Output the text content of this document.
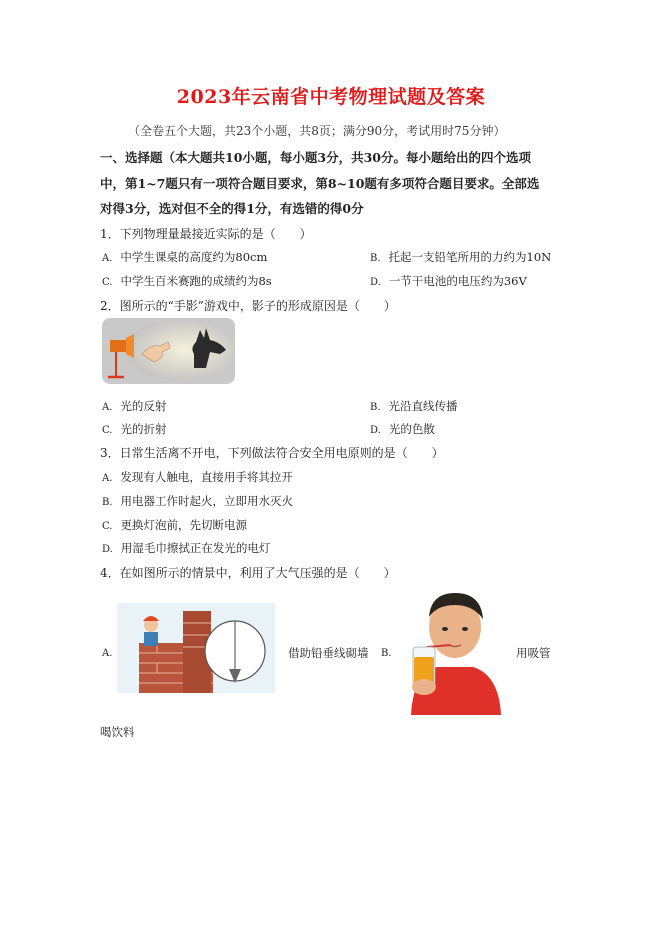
2023年云南省中考物理试题及答案
（全卷五个大题，共23个小题，共8页；满分90分，考试用时75分钟）
一、选择题（本大题共10小题，每小题3分，共30分。每小题给出的四个选项
中，第1~7题只有一项符合题目要求，第8~10题有多项符合题目要求。全部选
对得3分，选对但不全的得1分，有选错的得0分
1．下列物理量最接近实际的是（　　）
A. 中学生课桌的高度约为80cm	B. 托起一支铅笔所用的力约为10N
C. 中学生百米赛跑的成绩约为8s	D. 一节干电池的电压约为36V
2．图所示的“手影”游戏中，影子的形成原因是（　　）
A. 光的反射	B. 光沿直线传播
C. 光的折射	D. 光的色散
3．日常生活离不开电，下列做法符合安全用电原则的是（　　）
A. 发现有人触电，直接用手将其拉开
B. 用电器工作时起火，立即用水灭火
C. 更换灯泡前，先切断电源
D. 用湿毛巾擦拭正在发光的电灯
4．在如图所示的情景中，利用了大气压强的是（　　）
A.	借助铅垂线砌墙 B.	用吸管
喝饮料
